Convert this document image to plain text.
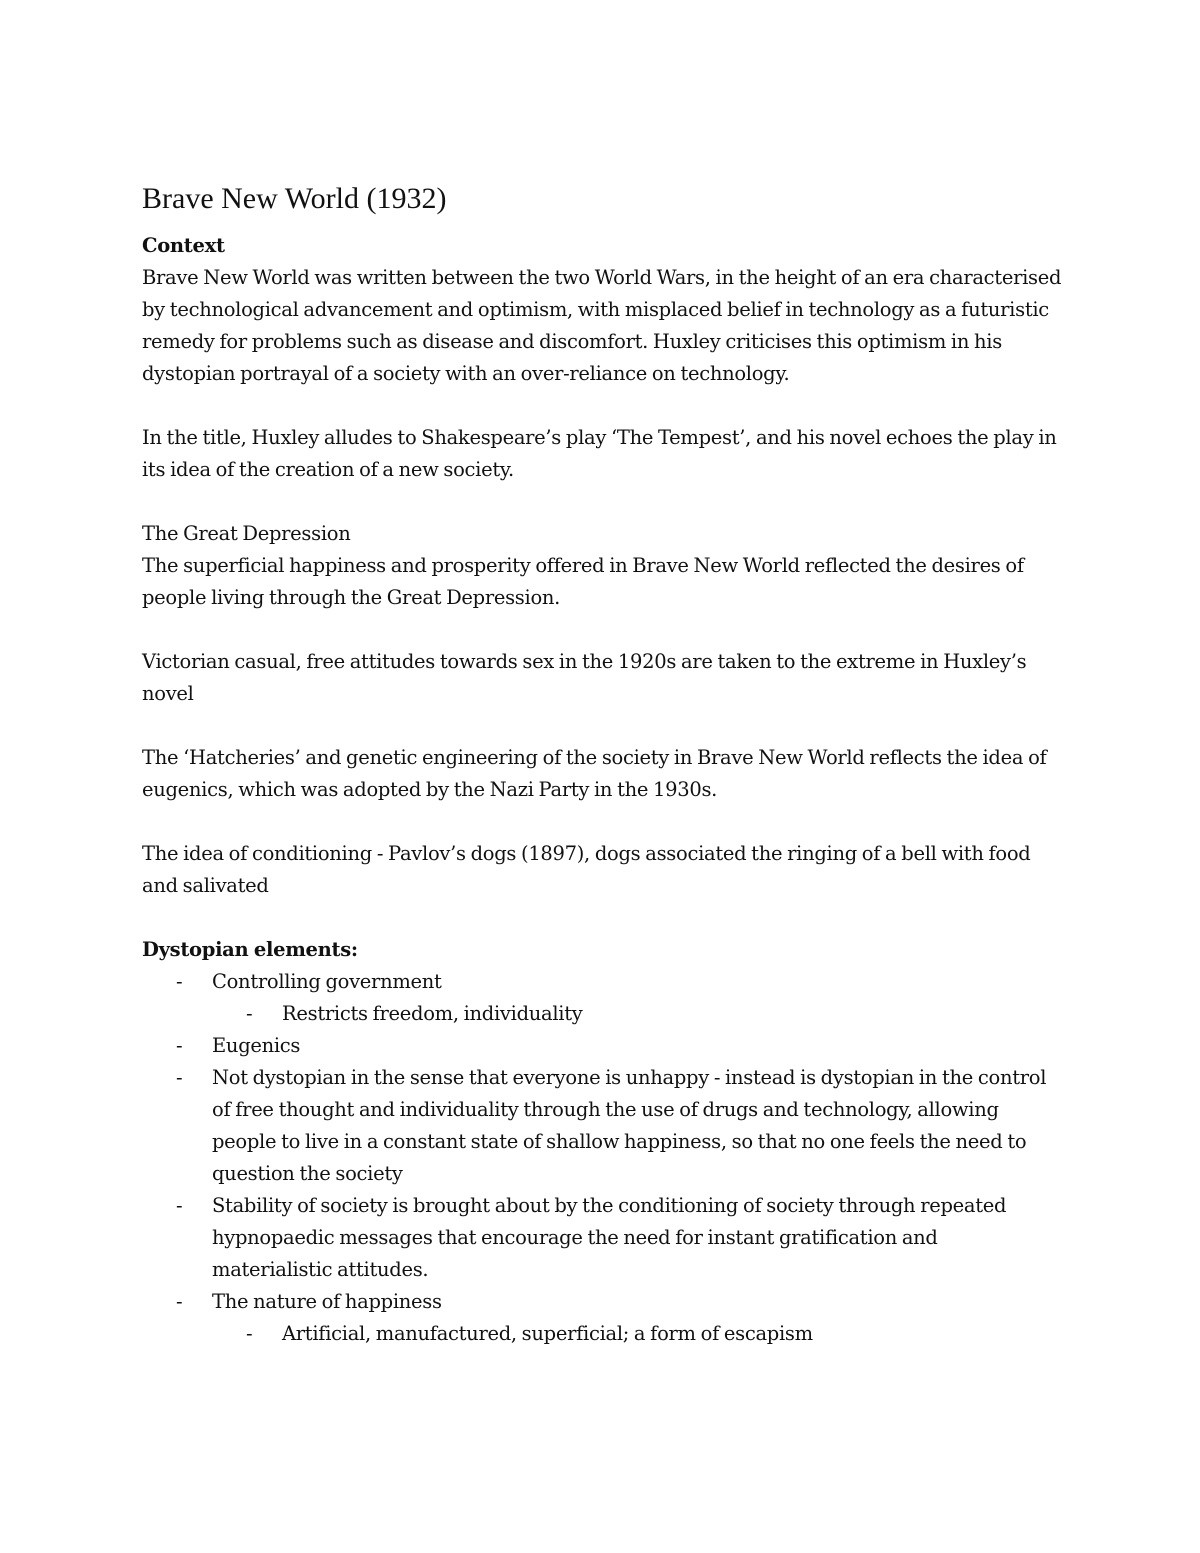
Brave New World (1932)

Context

Brave New World was written between the two World Wars, in the height of an era characterised by technological advancement and optimism, with misplaced belief in technology as a futuristic remedy for problems such as disease and discomfort. Huxley criticises this optimism in his dystopian portrayal of a society with an over-reliance on technology.

In the title, Huxley alludes to Shakespeare’s play ‘The Tempest’, and his novel echoes the play in its idea of the creation of a new society.

The Great Depression

The superficial happiness and prosperity offered in Brave New World reflected the desires of people living through the Great Depression.

Victorian casual, free attitudes towards sex in the 1920s are taken to the extreme in Huxley’s novel

The ‘Hatcheries’ and genetic engineering of the society in Brave New World reflects the idea of eugenics, which was adopted by the Nazi Party in the 1930s.

The idea of conditioning - Pavlov’s dogs (1897), dogs associated the ringing of a bell with food and salivated

Dystopian elements:

- Controlling government
- Restricts freedom, individuality
- Eugenics
- Not dystopian in the sense that everyone is unhappy - instead is dystopian in the control of free thought and individuality through the use of drugs and technology, allowing people to live in a constant state of shallow happiness, so that no one feels the need to question the society
- Stability of society is brought about by the conditioning of society through repeated hypnopaedic messages that encourage the need for instant gratification and materialistic attitudes.
- The nature of happiness
- Artificial, manufactured, superficial; a form of escapism
